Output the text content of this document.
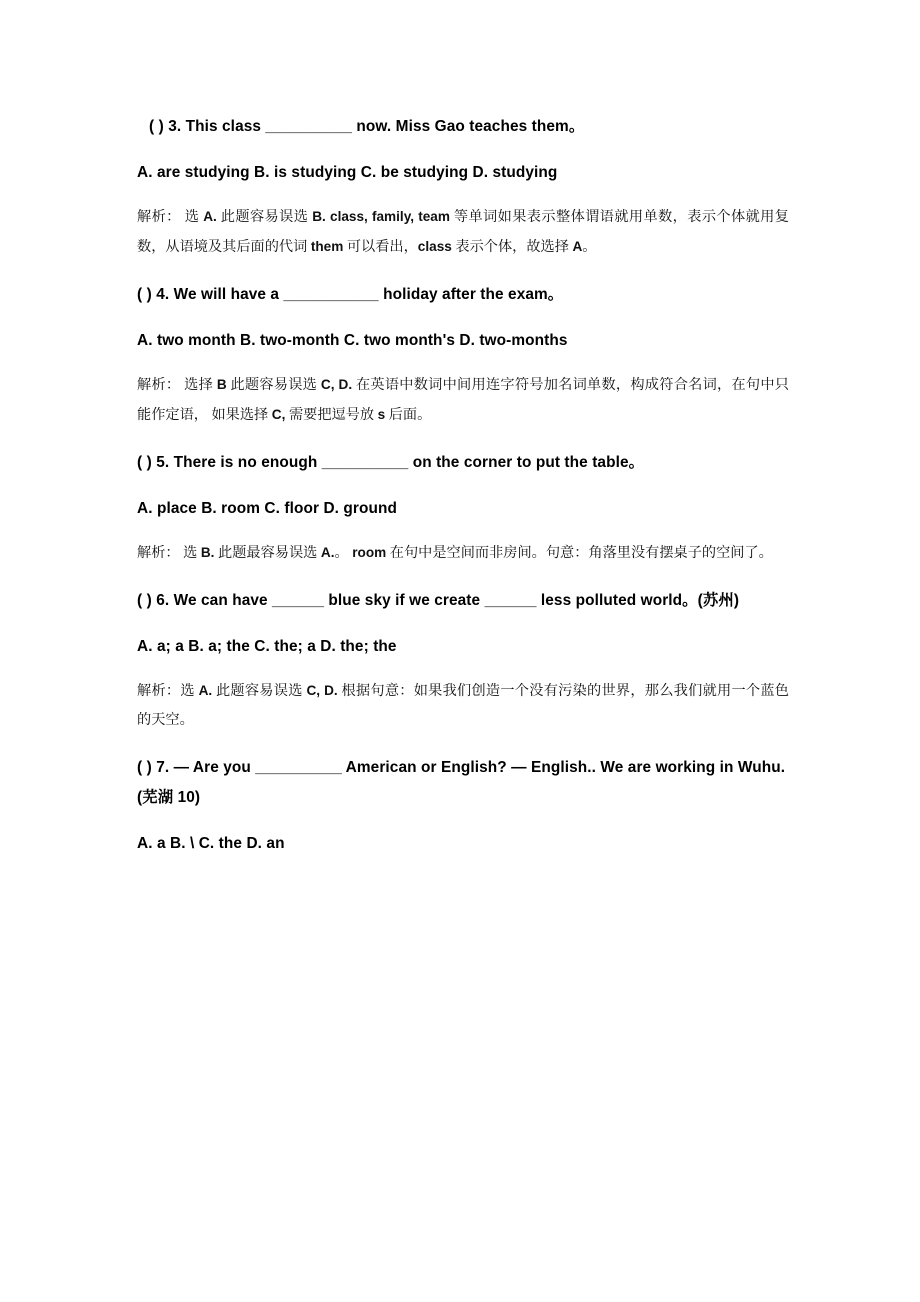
( ) 3. This class __________ now. Miss Gao teaches them。

A. are studying B. is studying C. be studying D. studying

解析： 选 A. 此题容易误选 B. class, family, team 等单词如果表示整体谓语就用单数，表示个体就用复数，从语境及其后面的代词 them 可以看出，class 表示个体，故选择 A。

( ) 4. We will have a ___________ holiday after the exam。

A. two month B. two-month C. two month's D. two-months

解析： 选择 B 此题容易误选 C, D. 在英语中数词中间用连字符号加名词单数，构成符合名词，在句中只能作定语， 如果选择 C, 需要把逗号放 s 后面。

( ) 5. There is no enough __________ on the corner to put the table。

A. place B. room C. floor D. ground

解析： 选 B. 此题最容易误选 A.。 room 在句中是空间而非房间。句意：角落里没有摆桌子的空间了。

( ) 6. We can have ______ blue sky if we create ______ less polluted world。(苏州)

A. a; a B. a; the C. the; a D. the; the

解析：选 A. 此题容易误选 C, D. 根据句意：如果我们创造一个没有污染的世界，那么我们就用一个蓝色的天空。

( ) 7. — Are you __________ American or English? — English.. We are working in Wuhu. (芜湖 10)

A. a B. \ C. the D. an
